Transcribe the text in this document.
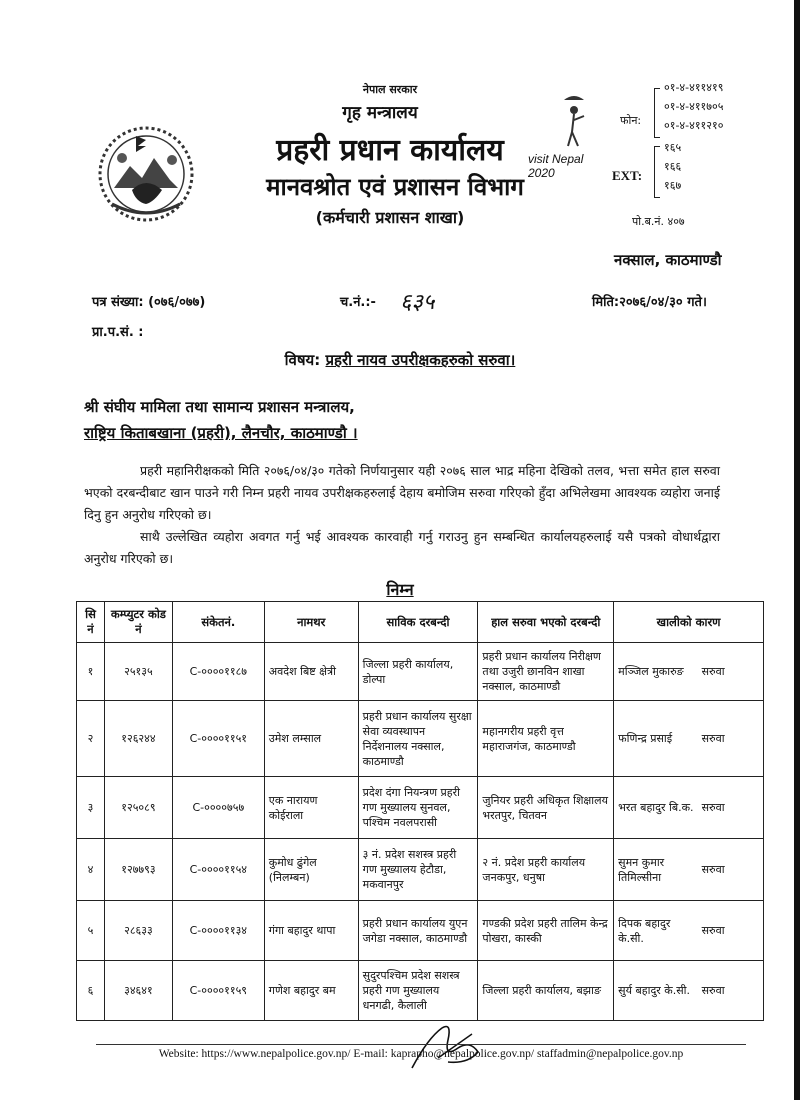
visit Nepal 2020
नेपाल सरकार
गृह मन्त्रालय
प्रहरी प्रधान कार्यालय
मानवश्रोत एवं प्रशासन विभाग
(कर्मचारी प्रशासन शाखा)
फोन:
०१-४-४११४१९
०१-४-४११७०५
०१-४-४११२१०
EXT:
१६५
१६६
१६७
पो.ब.नं. ४०७
नक्साल, काठमाण्डौ
पत्र संख्या: (०७६/०७७)	च.नं.:- ६३५	मिति:२०७६/०४/३० गते।
प्रा.प.सं. :
विषय: प्रहरी नायव उपरीक्षकहरुको सरुवा।
श्री संघीय मामिला तथा सामान्य प्रशासन मन्त्रालय,
राष्ट्रिय किताबखाना (प्रहरी), लैनचौर, काठमाण्डौ ।
प्रहरी महानिरीक्षकको मिति २०७६/०४/३० गतेको निर्णयानुसार यही २०७६ साल भाद्र महिना देखिको तलव, भत्ता समेत हाल सरुवा भएको दरबन्दीबाट खान पाउने गरी निम्न प्रहरी नायव उपरीक्षकहरुलाई देहाय बमोजिम सरुवा गरिएको हुँदा अभिलेखमा आवश्यक व्यहोरा जनाई दिनु हुन अनुरोध गरिएको छ।
साथै उल्लेखित व्यहोरा अवगत गर्नु भई आवश्यक कारवाही गर्नु गराउनु हुन सम्बन्धित कार्यालयहरुलाई यसै पत्रको वोधार्थद्वारा अनुरोध गरिएको छ।
निम्न
सि नं	कम्प्युटर कोड नं	संकेतनं.	नामथर	साविक दरबन्दी	हाल सरुवा भएको दरबन्दी	खालीको कारण	
१	२५१३५	C-००००११८७	अवदेश बिष्ट क्षेत्री	जिल्ला प्रहरी कार्यालय, डोल्पा	प्रहरी प्रधान कार्यालय निरीक्षण तथा उजुरी छानविन शाखा नक्साल, काठमाण्डौ	मञ्जिल मुकारुङ	सरुवा
२	१२६२४४	C-००००११५१	उमेश लम्साल	प्रहरी प्रधान कार्यालय सुरक्षा सेवा व्यवस्थापन निर्देशनालय नक्साल, काठमाण्डौ	महानगरीय प्रहरी वृत्त महाराजगंज, काठमाण्डौ	फणिन्द्र प्रसाई	सरुवा
३	१२५०८९	C-००००७५७	एक नारायण कोईराला	प्रदेश दंगा नियन्त्रण प्रहरी गण मुख्यालय सुनवल, पश्चिम नवलपरासी	जुनियर प्रहरी अधिकृत शिक्षालय भरतपुर, चितवन	भरत बहादुर बि.क.	सरुवा
४	१२७७९३	C-००००११५४	कुमोध ढुंगेल (निलम्बन)	३ नं. प्रदेश सशस्त्र प्रहरी गण मुख्यालय हेटौडा, मकवानपुर	२ नं. प्रदेश प्रहरी कार्यालय जनकपुर, धनुषा	सुमन कुमार तिमिल्सीना	सरुवा
५	२८६३३	C-००००११३४	गंगा बहादुर थापा	प्रहरी प्रधान कार्यालय युएन जगेडा नक्साल, काठमाण्डौ	गण्डकी प्रदेश प्रहरी तालिम केन्द्र पोखरा, कास्की	दिपक बहादुर के.सी.	सरुवा
६	३४६४१	C-००००११५९	गणेश बहादुर बम	सुदुरपश्चिम प्रदेश सशस्त्र प्रहरी गण मुख्यालय धनगढी, कैलाली	जिल्ला प्रहरी कार्यालय, बझाङ	सुर्य बहादुर के.सी.	सरुवा
Website: https://www.nepalpolice.gov.np/ E-mail: kaprapho@nepalpolice.gov.np/ staffadmin@nepalpolice.gov.np
